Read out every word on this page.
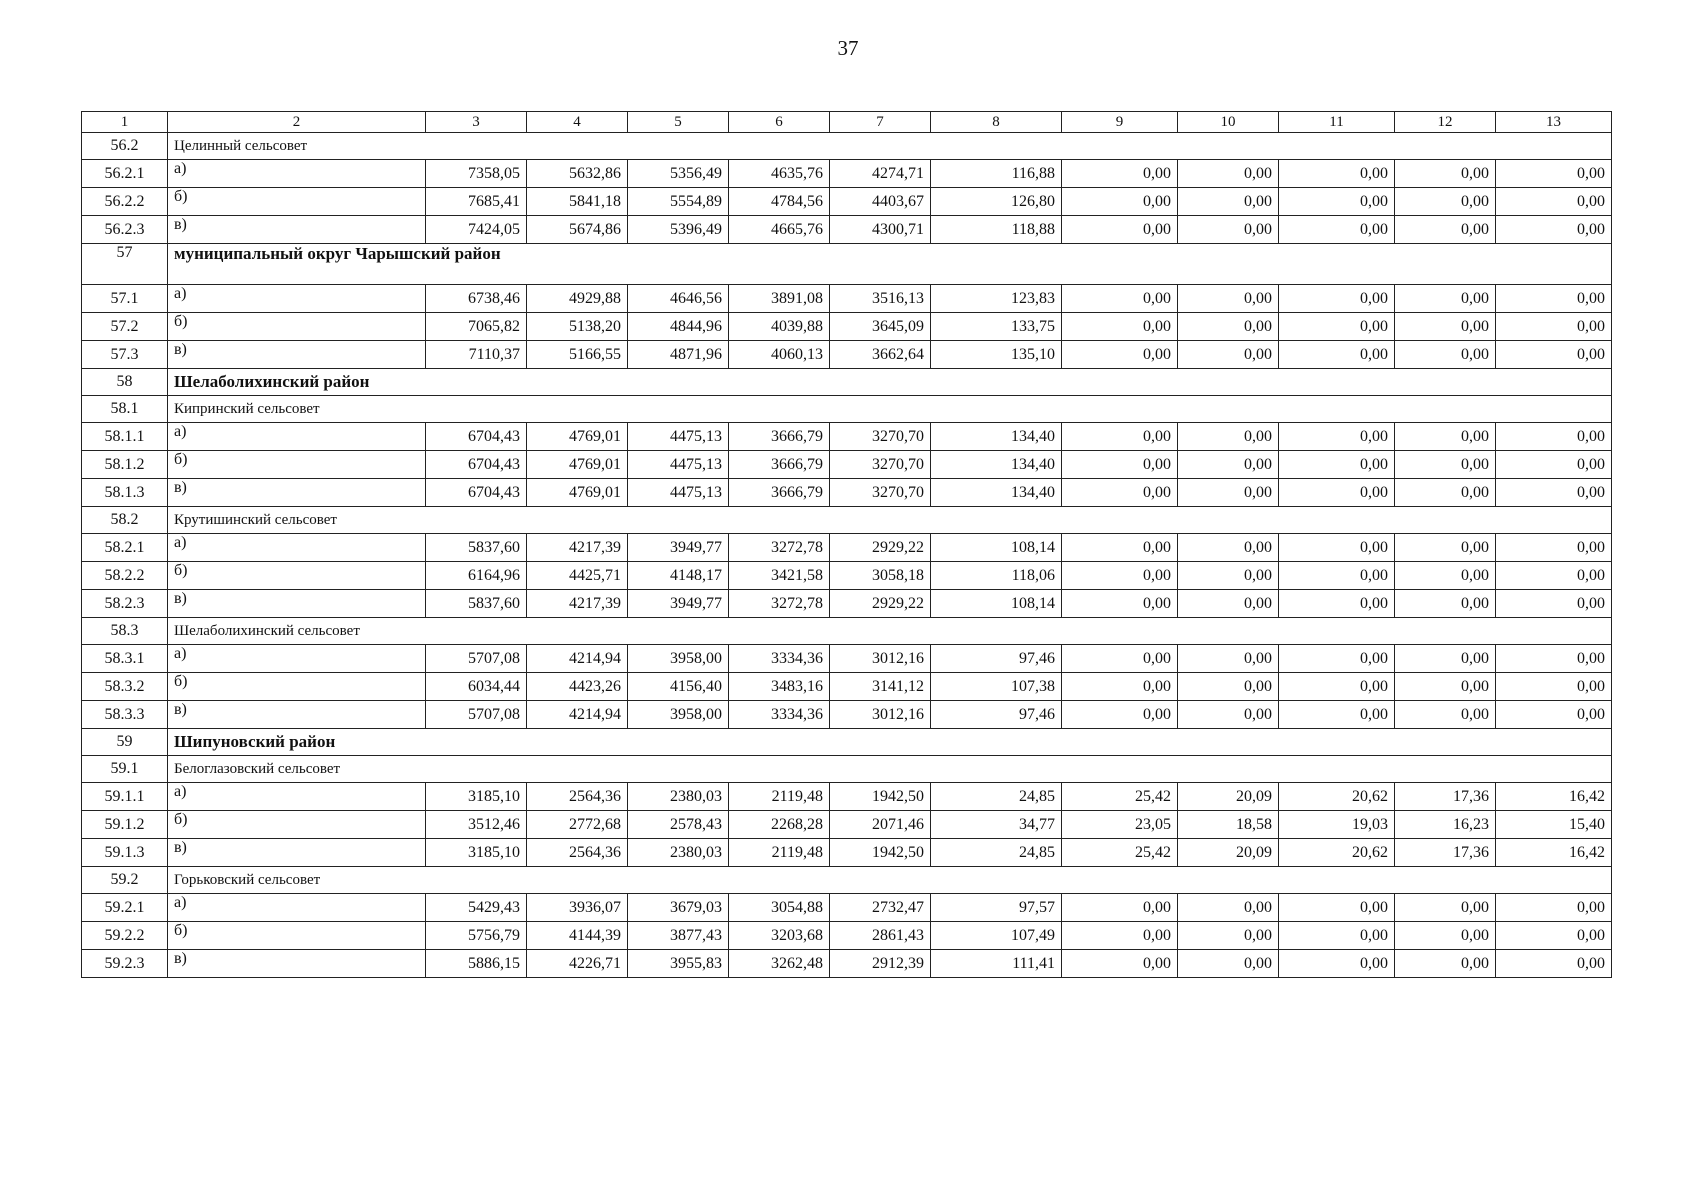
37
1	2	3	4	5	6	7	8	9	10	11	12	13
56.2	Целинный сельсовет											
56.2.1	а)	7358,05	5632,86	5356,49	4635,76	4274,71	116,88	0,00	0,00	0,00	0,00	0,00
56.2.2	б)	7685,41	5841,18	5554,89	4784,56	4403,67	126,80	0,00	0,00	0,00	0,00	0,00
56.2.3	в)	7424,05	5674,86	5396,49	4665,76	4300,71	118,88	0,00	0,00	0,00	0,00	0,00
57	муниципальный округ Чарышский район											
57.1	а)	6738,46	4929,88	4646,56	3891,08	3516,13	123,83	0,00	0,00	0,00	0,00	0,00
57.2	б)	7065,82	5138,20	4844,96	4039,88	3645,09	133,75	0,00	0,00	0,00	0,00	0,00
57.3	в)	7110,37	5166,55	4871,96	4060,13	3662,64	135,10	0,00	0,00	0,00	0,00	0,00
58	Шелаболихинский район											
58.1	Кипринский сельсовет											
58.1.1	а)	6704,43	4769,01	4475,13	3666,79	3270,70	134,40	0,00	0,00	0,00	0,00	0,00
58.1.2	б)	6704,43	4769,01	4475,13	3666,79	3270,70	134,40	0,00	0,00	0,00	0,00	0,00
58.1.3	в)	6704,43	4769,01	4475,13	3666,79	3270,70	134,40	0,00	0,00	0,00	0,00	0,00
58.2	Крутишинский сельсовет											
58.2.1	а)	5837,60	4217,39	3949,77	3272,78	2929,22	108,14	0,00	0,00	0,00	0,00	0,00
58.2.2	б)	6164,96	4425,71	4148,17	3421,58	3058,18	118,06	0,00	0,00	0,00	0,00	0,00
58.2.3	в)	5837,60	4217,39	3949,77	3272,78	2929,22	108,14	0,00	0,00	0,00	0,00	0,00
58.3	Шелаболихинский сельсовет											
58.3.1	а)	5707,08	4214,94	3958,00	3334,36	3012,16	97,46	0,00	0,00	0,00	0,00	0,00
58.3.2	б)	6034,44	4423,26	4156,40	3483,16	3141,12	107,38	0,00	0,00	0,00	0,00	0,00
58.3.3	в)	5707,08	4214,94	3958,00	3334,36	3012,16	97,46	0,00	0,00	0,00	0,00	0,00
59	Шипуновский район											
59.1	Белоглазовский сельсовет											
59.1.1	а)	3185,10	2564,36	2380,03	2119,48	1942,50	24,85	25,42	20,09	20,62	17,36	16,42
59.1.2	б)	3512,46	2772,68	2578,43	2268,28	2071,46	34,77	23,05	18,58	19,03	16,23	15,40
59.1.3	в)	3185,10	2564,36	2380,03	2119,48	1942,50	24,85	25,42	20,09	20,62	17,36	16,42
59.2	Горьковский сельсовет											
59.2.1	а)	5429,43	3936,07	3679,03	3054,88	2732,47	97,57	0,00	0,00	0,00	0,00	0,00
59.2.2	б)	5756,79	4144,39	3877,43	3203,68	2861,43	107,49	0,00	0,00	0,00	0,00	0,00
59.2.3	в)	5886,15	4226,71	3955,83	3262,48	2912,39	111,41	0,00	0,00	0,00	0,00	0,00
